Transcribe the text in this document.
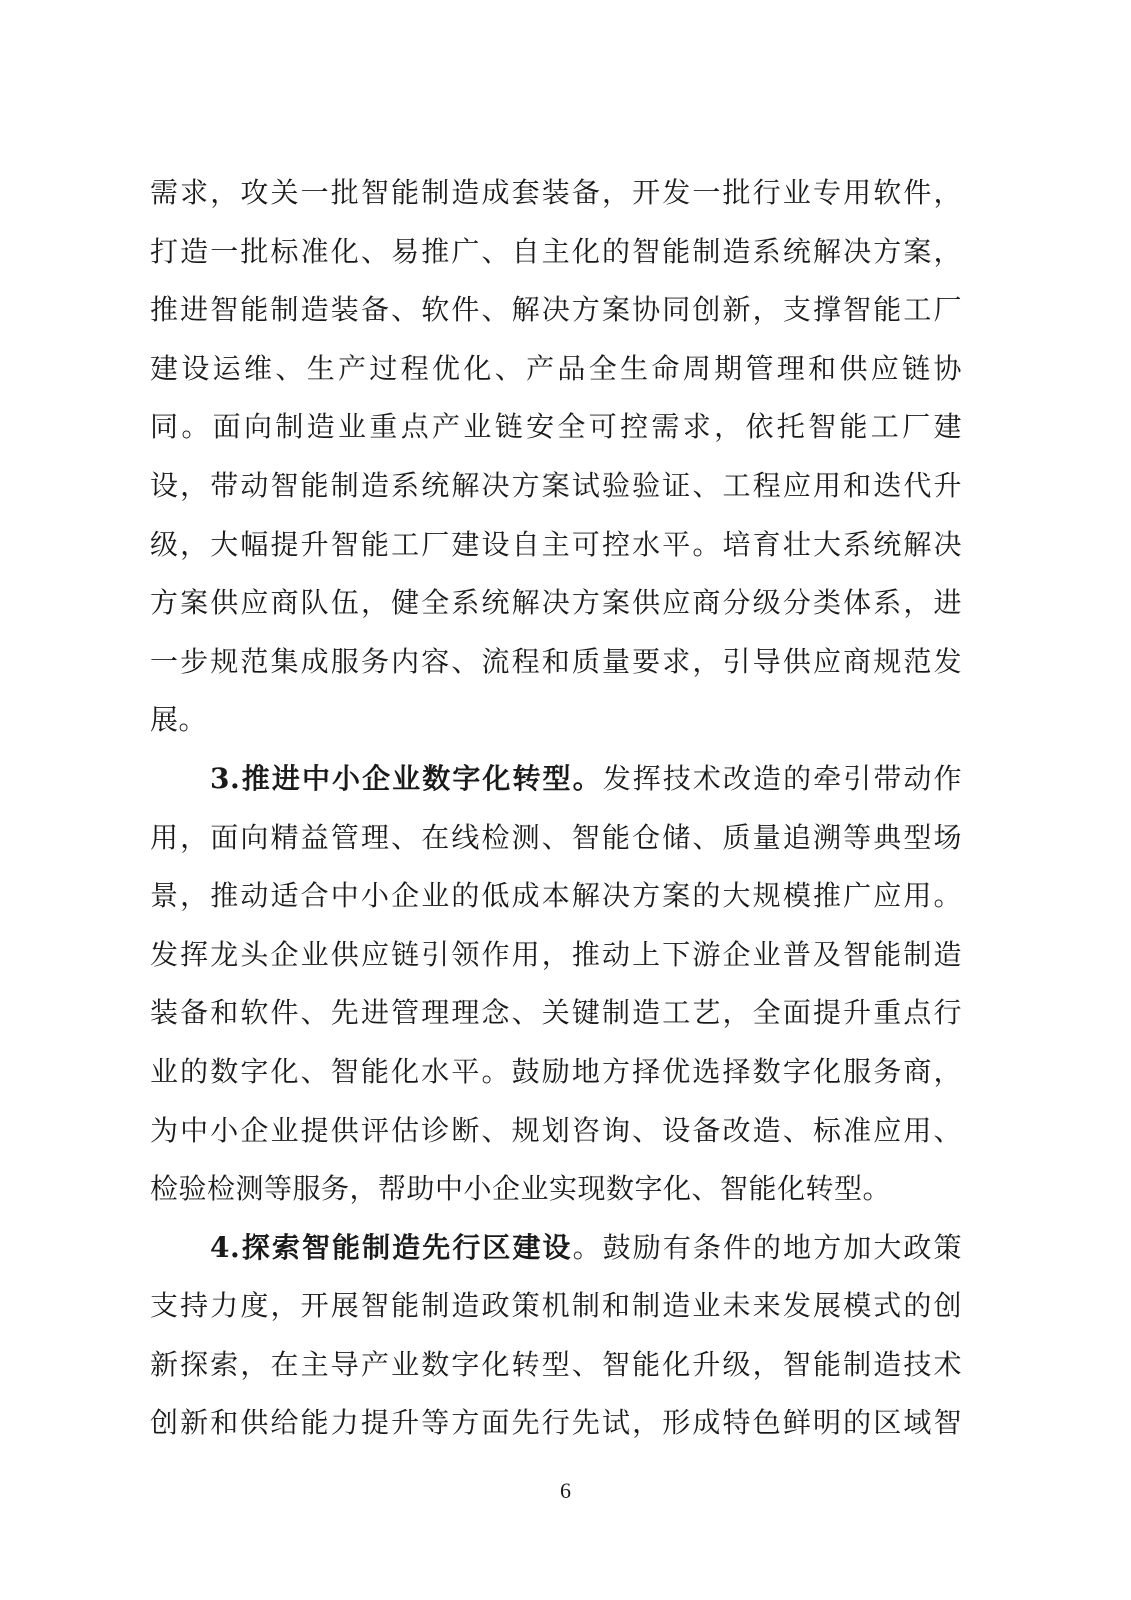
需求，攻关一批智能制造成套装备，开发一批行业专用软件，
打造一批标准化、易推广、自主化的智能制造系统解决方案，
推进智能制造装备、软件、解决方案协同创新，支撑智能工厂
建设运维、生产过程优化、产品全生命周期管理和供应链协
同。面向制造业重点产业链安全可控需求，依托智能工厂建
设，带动智能制造系统解决方案试验验证、工程应用和迭代升
级，大幅提升智能工厂建设自主可控水平。培育壮大系统解决
方案供应商队伍，健全系统解决方案供应商分级分类体系，进
一步规范集成服务内容、流程和质量要求，引导供应商规范发
展。

3.推进中小企业数字化转型。发挥技术改造的牵引带动作
用，面向精益管理、在线检测、智能仓储、质量追溯等典型场
景，推动适合中小企业的低成本解决方案的大规模推广应用。
发挥龙头企业供应链引领作用，推动上下游企业普及智能制造
装备和软件、先进管理理念、关键制造工艺，全面提升重点行
业的数字化、智能化水平。鼓励地方择优选择数字化服务商，
为中小企业提供评估诊断、规划咨询、设备改造、标准应用、
检验检测等服务，帮助中小企业实现数字化、智能化转型。

4.探索智能制造先行区建设。鼓励有条件的地方加大政策
支持力度，开展智能制造政策机制和制造业未来发展模式的创
新探索，在主导产业数字化转型、智能化升级，智能制造技术
创新和供给能力提升等方面先行先试，形成特色鲜明的区域智

6
